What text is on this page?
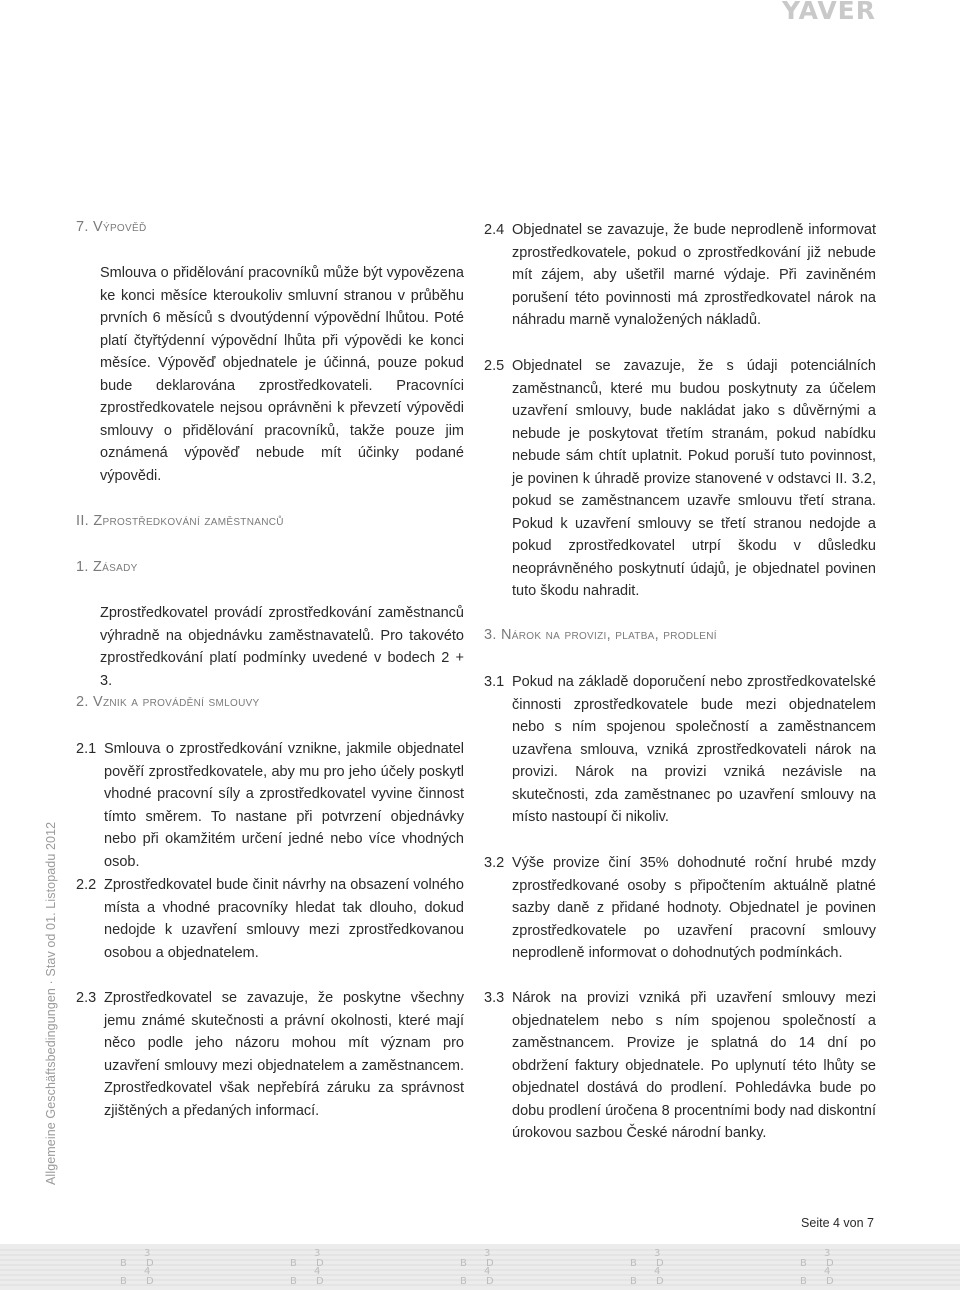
YAVER
Allgemeine Geschäftsbedingungen · Stav od 01. Listopadu 2012
7. Výpověď

Smlouva o přidělování pracovníků může být vypovězena ke konci měsíce kteroukoliv smluvní stranou v průběhu prvních 6 měsíců s dvoutýdenní výpovědní lhůtou. Poté platí čtyřtýdenní výpovědní lhůta při výpovědi ke konci měsíce. Výpověď objednatele je účinná, pouze pokud bude deklarována zprostředkovateli. Pracovníci zprostředkovatele nejsou oprávněni k převzetí výpovědi smlouvy o přidělování pracovníků, takže pouze jim oznámená výpověď nebude mít účinky podané výpovědi.

II. Zprostředkování zaměstnanců
1. Zásady

Zprostředkovatel provádí zprostředkování zaměstnanců výhradně na objednávku zaměstnavatelů. Pro takovéto zprostředkování platí podmínky uvedené v bodech 2 + 3.

2. Vznik a provádění smlouvy
2.1 Smlouva o zprostředkování vznikne, jakmile objednatel pověří zprostředkovatele, aby mu pro jeho účely poskytl vhodné pracovní síly a zprostředkovatel vyvine činnost tímto směrem. To nastane při potvrzení objednávky nebo při okamžitém určení jedné nebo více vhodných osob.

2.2 Zprostředkovatel bude činit návrhy na obsazení volného místa a vhodné pracovníky hledat tak dlouho, dokud nedojde k uzavření smlouvy mezi zprostředkovanou osobou a objednatelem.

2.3 Zprostředkovatel se zavazuje, že poskytne všechny jemu známé skutečnosti a právní okolnosti, které mají něco podle jeho názoru mohou mít význam pro uzavření smlouvy mezi objednatelem a zaměstnancem. Zprostředkovatel však nepřebírá záruku za správnost zjištěných a předaných informací.

2.4 Objednatel se zavazuje, že bude neprodleně informovat zprostředkovatele, pokud o zprostředkování již nebude mít zájem, aby ušetřil marné výdaje. Při zaviněném porušení této povinnosti má zprostředkovatel nárok na náhradu marně vynaložených nákladů.

2.5 Objednatel se zavazuje, že s údaji potenciálních zaměstnanců, které mu budou poskytnuty za účelem uzavření smlouvy, bude nakládat jako s důvěrnými a nebude je poskytovat třetím stranám, pokud nabídku nebude sám chtít uplatnit. Pokud poruší tuto povinnost, je povinen k úhradě provize stanovené v odstavci II. 3.2, pokud se zaměstnancem uzavře smlouvu třetí strana. Pokud k uzavření smlouvy se třetí stranou nedojde a pokud zprostředkovatel utrpí škodu v důsledku neoprávněného poskytnutí údajů, je objednatel povinen tuto škodu nahradit.

3. Nárok na provizi, platba, prodlení
3.1 Pokud na základě doporučení nebo zprostředkovatelské činnosti zprostředkovatele bude mezi objednatelem nebo s ním spojenou společností a zaměstnancem uzavřena smlouva, vzniká zprostředkovateli nárok na provizi. Nárok na provizi vzniká nezávisle na skutečnosti, zda zaměstnanec po uzavření smlouvy na místo nastoupí či nikoliv.

3.2 Výše provize činí 35% dohodnuté roční hrubé mzdy zprostředkované osoby s připočtením aktuálně platné sazby daně z přidané hodnoty. Objednatel je povinen zprostředkovatele po uzavření pracovní smlouvy neprodleně informovat o dohodnutých podmínkách.

3.3 Nárok na provizi vzniká při uzavření smlouvy mezi objednatelem nebo s ním spojenou společností a zaměstnancem. Provize je splatná do 14 dní po obdržení faktury objednatele. Po uplynutí této lhůty se objednatel dostává do prodlení. Pohledávka bude po dobu prodlení úročena 8 procentními body nad diskontní úrokovou sazbou České národní banky.

Seite 4 von 7
B
3
D
B
4
D
B
3
D
B
4
D
B
3
D
B
4
D
B
3
D
B
4
D
B
3
D
B
4
D
